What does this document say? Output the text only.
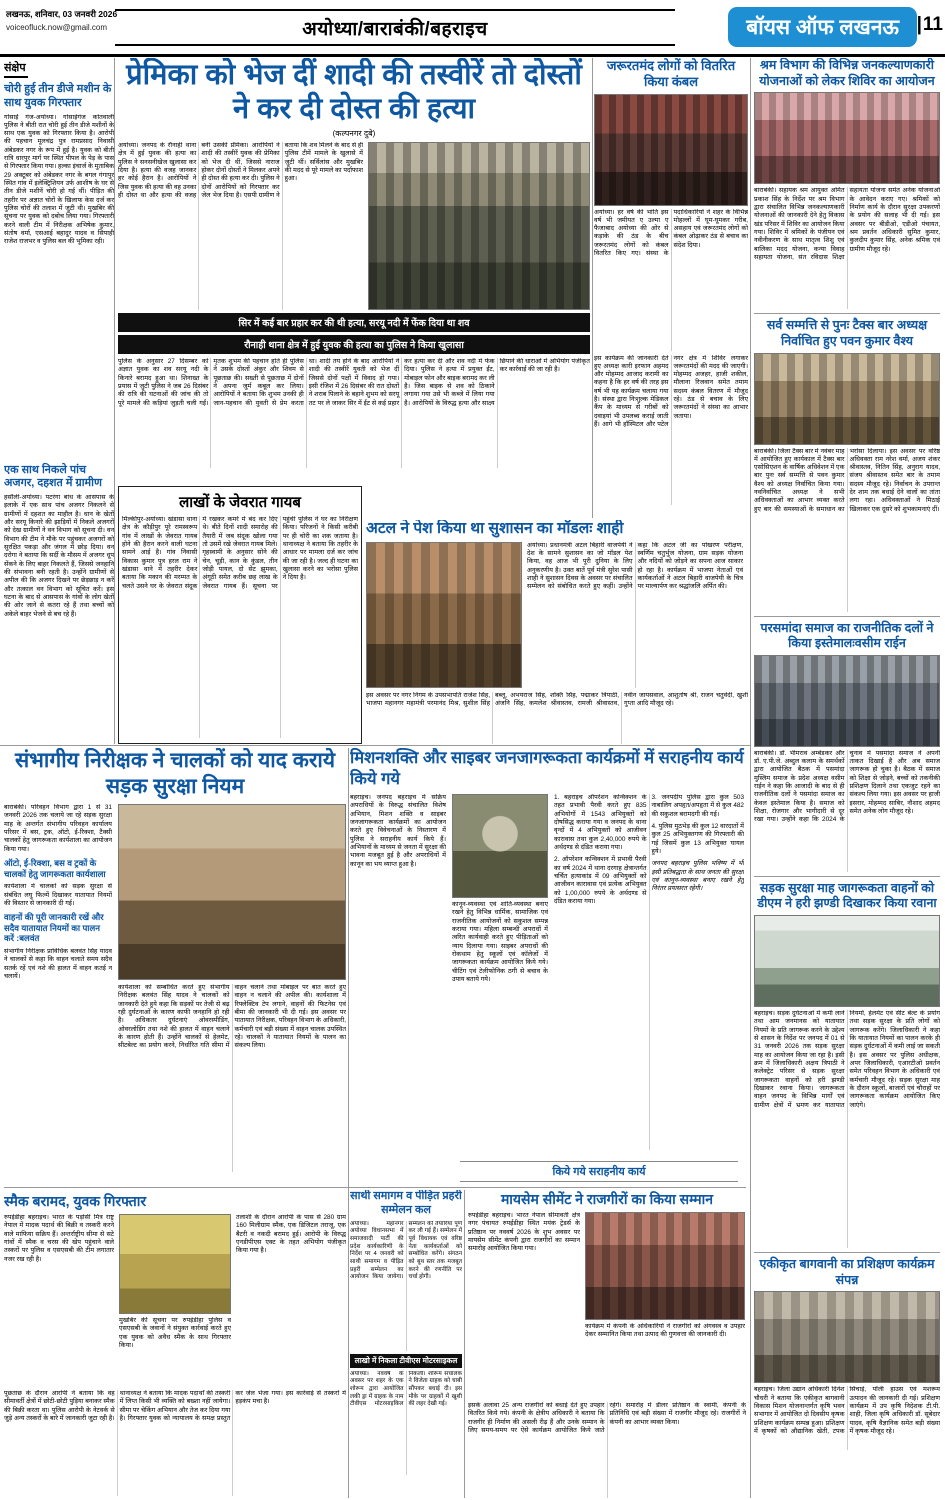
लखनऊ, शनिवार, 03 जनवरी 2026
voiceofluck.now@gmail.com	अयोध्या/बाराबंकी/बहराइच	बॉयस ऑफ लखनऊ	| 11
संक्षेप
चोरी हुई तीन डीजे मशीन के साथ युवक गिरफ्तार
गोसाईं गंज-अयोध्या। गोसाईगंज कोतवाली पुलिस ने बीती रात चोरी हुई तीन डीजे मशीनों के साथ एक युवक को गिरफ्तार किया है। आरोपी की पहचान मूलचंद्र पुत्र रामप्रसाद निवासी अंबेडकर नगर के रूप में हुई है। युवक को बीती रात्रि धारपुर मार्ग पर स्थित पीपल के पेड़ के पास से गिरफ्तार किया गया। हल्का इंचार्ज के मुताबिक 29 अक्टूबर को अंबेडकर नगर के बगल गंगापुर स्थित गांव में इलेक्ट्रिशियन उर्फ आशीष के घर से तीन डीजे मशीनें चोरी हो गई थीं। पीड़ित की तहरीर पर अज्ञात चोरों के खिलाफ केस दर्ज कर पुलिस चोरों की तलाश में जुटी थी। मुखबिर की सूचना पर युवक को दबोच लिया गया। गिरफ्तारी करने वाली टीम में निरीक्षक अभिषेक कुमार, संतोष वर्मा, एसआई बहादुर यादव व सिपाही राजेश राजभर व पुलिस बल की भूमिका रही।
एक साथ निकले पांच अजगर, दहशत में ग्रामीण
हसौली-अयोध्या। पटरंगा बांध के आसपास के इलाके में एक साथ पांच अजगर निकलने से ग्रामीणों में दहशत का माहौल है। धान के खेतों और सरयू किनारे की झाड़ियों में निकले अजगरों को देख ग्रामीणों ने वन विभाग को सूचना दी। वन विभाग की टीम ने मौके पर पहुंचकर अजगरों को सुरक्षित पकड़ा और जंगल में छोड़ दिया। वन दरोगा ने बताया कि सर्दी के मौसम में अजगर धूप सेंकने के लिए बाहर निकलते हैं, जिससे जनहानि की संभावना बनी रहती है। उन्होंने ग्रामीणों से अपील की कि अजगर दिखने पर छेड़छाड़ न करें और तत्काल वन विभाग को सूचित करें। इस घटना के बाद से आसपास के गांवों के लोग खेतों की ओर जाने से कतरा रहे हैं तथा बच्चों को अकेले बाहर भेजने से बच रहे हैं।
प्रेमिका को भेज दीं शादी की तस्वीरें तो दोस्तों ने कर दी दोस्त की हत्या
(कल्पनगर दुबे)
अयोध्या। जनपद के रौनाही थाना क्षेत्र में हुई युवक की हत्या का पुलिस ने सनसनीखेज खुलासा कर दिया है। हत्या की वजह जानकर हर कोई हैरान है। आरोपियों ने जिस युवक की हत्या की वह उनका ही दोस्त था और हत्या की वजह बनी उसकी प्रेमिका। आरोपियों ने शादी की तस्वीरें युवक की प्रेमिका को भेज दी थीं, जिससे नाराज होकर दोनों दोस्तों ने मिलकर अपने ही दोस्त की हत्या कर दी। पुलिस ने दोनों आरोपियों को गिरफ्तार कर जेल भेज दिया है। एसपी ग्रामीण ने बताया कि शव मिलने के बाद से ही पुलिस टीमें मामले के खुलासे में जुटी थीं। सर्विलांस और मुखबिर की मदद से पूरे मामले का पर्दाफाश हुआ।
सिर में कई बार प्रहार कर की थी हत्या, सरयू नदी में फेंक दिया था शव
रौनाही थाना क्षेत्र में हुई युवक की हत्या का पुलिस ने किया खुलासा
पुलिस के अनुसार 27 दिसम्बर को अज्ञात युवक का शव सरयू नदी के किनारे बरामद हुआ था। शिनाख्त के प्रयास में जुटी पुलिस ने जब 26 दिसंबर की रात्रि की घटनाओं की जांच की तो पूरे मामले की कड़ियां जुड़ती चली गईं। मृतक शुभम की पहचान होते ही पुलिस ने उसके दोस्तों अंकुर और शिवम से पूछताछ की। सख्ती से पूछताछ में दोनों ने अपना जुर्म कबूल कर लिया। आरोपियों ने बताया कि शुभम उनकी ही जान-पहचान की युवती से प्रेम करता था। शादी तय होने के बाद आरोपियों ने शादी की तस्वीरें युवती को भेज दीं जिससे दोनों पक्षों में विवाद हो गया। इसी रंजिश में 26 दिसंबर की रात दोस्तों ने शराब पिलाने के बहाने शुभम को सरयू तट पर ले जाकर सिर में ईंट से कई प्रहार कर हत्या कर दी और शव नदी में फेंक दिया। पुलिस ने हत्या में प्रयुक्त ईंट, मोबाइल फोन और बाइक बरामद कर ली है। जिस बाइक से शव को ठिकाने लगाया गया उसे भी कब्जे में लिया गया है। आरोपियों के विरुद्ध हत्या और साक्ष्य छिपाने की धाराओं में अभियोग पंजीकृत कर कार्रवाई की जा रही है।
लाखों के जेवरात गायब
मिल्कीपुर-अयोध्या। खंडासा थाना क्षेत्र के कौड़ीपुर पूरे रामस्वरूप गांव में लाखों के जेवरात गायब होने की हैरान करने वाली घटना सामने आई है। गांव निवासी विकास कुमार पुत्र हरल राम ने खंडासा थाने में तहरीर देकर बताया कि मकान की मरम्मत के चलते उसने घर के जेवरात संदूक में रखकर कमरे में बंद कर दिए थे। बीते दिनों शादी समारोह की तैयारी में जब संदूक खोला गया तो उसमें रखे जेवरात गायब मिले। गृहस्वामी के अनुसार सोने की चेन, चूड़ी, कान के कुंडल, तीन जोड़ी पायल, दो सेट झुमका, अंगूठी समेत करीब छह लाख के जेवरात गायब हैं। सूचना पर पहुंची पुलिस ने घर का निरीक्षण किया। परिजनों ने किसी करीबी पर ही चोरी का शक जताया है। थानाध्यक्ष ने बताया कि तहरीर के आधार पर मामला दर्ज कर जांच की जा रही है। जल्द ही घटना का खुलासा करने का भरोसा पुलिस ने दिया है।
अटल ने पेश किया था सुशासन का मॉडलः शाही
अयोध्या। प्रधानमंत्री अटल बिहारी वाजपेयी ने देश के सामने सुशासन का जो मॉडल पेश किया, वह आज भी पूरी दुनिया के लिए अनुकरणीय है। उक्त बातें पूर्व मंत्री सुरेश पासी शाही ने सुशासन दिवस के अवसर पर संचालित सम्मेलन को संबोधित करते हुए कहीं। उन्होंने कहा कि अटल जी का पोखरण परीक्षण, स्वर्णिम चतुर्भुज योजना, ग्राम सड़क योजना और नदियों को जोड़ने का सपना आज साकार हो रहा है। कार्यक्रम में भाजपा नेताओं एवं कार्यकर्ताओं ने अटल बिहारी वाजपेयी के चित्र पर माल्यार्पण कर श्रद्धांजलि अर्पित की।
इस अवसर पर नगर निगम के उपसभापति राजेश सिंह, भाजपा महानगर महामंत्री परमानंद मिश्र, सुशील सिंह बब्लू, अभयराज सिंह, शक्ति सिंह, पद्माकर त्रिपाठी, अंजनि सिंह, कमलेश श्रीवास्तव, रामजी श्रीवास्तव, नवीन जायसवाल, आशुतोष श्री, राजन चतुर्वेदी, खुशी गुप्ता आदि मौजूद रहे।
जरूरतमंद लोगों को वितरित किया कंबल
अयोध्या। हर वर्ष की भांति इस वर्ष भी जमीयत ए उल्मा ए फैजाबाद अयोध्या की ओर से कड़ाके की ठंड के बीच जरूरतमंद लोगों को कंबल वितरित किए गए। संस्था के पदाधिकारियों ने शहर के विभिन्न मोहल्लों में घूम-घूमकर गरीब, असहाय एवं जरूरतमंद लोगों को कंबल ओढ़ाकर ठंड से बचाव का संदेश दिया।
इस कार्यक्रम की जानकारी देते हुए अध्यक्ष कारी इरफान अहमद और मोहम्मद आजाद करामी का कहना है कि हर वर्ष की तरह इस वर्ष भी यह कार्यक्रम चलाया गया है। संस्था द्वारा निःशुल्क मेडिकल कैंप के माध्यम से गरीबों को दवाइयां भी उपलब्ध कराई जाती हैं। आगे भी हॉस्पिटल और पटेल नगर क्षेत्र में शिविर लगाकर जरूरतमंदों की मदद की जाएगी। मोहम्मद अजहर, हाजी शकील, मौलाना रिजवान समेत तमाम सदस्य कंबल वितरण में मौजूद रहे। ठंड से बचाव के लिए जरूरतमंदों ने संस्था का आभार जताया।
श्रम विभाग की विभिन्न जनकल्याणकारी योजनाओं को लेकर शिविर का आयोजन
बाराबंकी। सहायक श्रम आयुक्त अमित प्रकाश सिंह के निर्देश पर श्रम विभाग द्वारा संचालित विभिन्न जनकल्याणकारी योजनाओं की जानकारी देने हेतु विकास खंड परिसर में शिविर का आयोजन किया गया। शिविर में श्रमिकों के पंजीयन एवं नवीनीकरण के साथ मातृत्व शिशु एवं बालिका मदद योजना, कन्या विवाह सहायता योजना, संत रविदास शिक्षा सहायता योजना समेत अनेक योजनाओं के आवेदन कराए गए। श्रमिकों को निर्माण कार्य के दौरान सुरक्षा उपकरणों के प्रयोग की सलाह भी दी गई। इस अवसर पर बीडीओ, एडीओ पंचायत, श्रम प्रवर्तन अधिकारी सुमित कुमार, कुलदीप कुमार सिंह, अनेक श्रमिक एवं ग्रामीण मौजूद रहे।
सर्व सम्मत्ति से पुनः टैक्स बार अध्यक्ष निर्वाचित हुए पवन कुमार वैश्य
बाराबंकी। जिला टैक्स बार में नवंबर माह में आयोजित हुए कार्यकाल में टैक्स बार एसोसिएशन के वार्षिक अधिवेशन में एक बार पुनः सर्व सम्मत्ति से पवन कुमार वैश्य को अध्यक्ष निर्वाचित किया गया। नवनिर्वाचित अध्यक्ष ने सभी अधिवक्ताओं का आभार व्यक्त करते हुए बार की समस्याओं के समाधान का भरोसा दिलाया। इस अवसर पर वरिष्ठ अधिवक्ता राम नरेश वर्मा, अजय शंकर श्रीवास्तव, नितिन सिंह, अनुराग यादव, संजय श्रीवास्तव समेत बार के तमाम सदस्य मौजूद रहे। निर्वाचन के उपरान्त देर शाम तक बधाई देने वालों का तांता लगा रहा। अधिवक्ताओं ने मिठाई खिलाकर एक दूसरे को शुभकामनाएं दीं।
परसमांदा समाज का राजनीतिक दलों ने किया इस्तेमालःवसीम राईन
बाराबंकी। डॉ. भीमराव अम्बेडकर और डॉ. ए.पी.जे. अब्दुल कलाम के समर्थकों द्वारा आयोजित बैठक में पसमांदा मुस्लिम समाज के प्रदेश अध्यक्ष वसीम राईन ने कहा कि आजादी के बाद से ही राजनीतिक दलों ने पसमांदा समाज का केवल इस्तेमाल किया है। समाज को शिक्षा, रोजगार और भागीदारी से दूर रखा गया। उन्होंने कहा कि 2024 के चुनाव में पसमांदा समाज ने अपनी ताकत दिखाई है और अब समाज जागरूक हो चुका है। बैठक में समाज को शिक्षा से जोड़ने, बच्चों को तकनीकी प्रशिक्षण दिलाने तथा एकजुट रहने का संकल्प लिया गया। इस अवसर पर हाजी इसरार, मोहम्मद साबिर, नौशाद अहमद समेत अनेक लोग मौजूद रहे।
सड़क सुरक्षा माह जागरूकता वाहनों को डीएम ने हरी झण्डी दिखाकर किया रवाना
बहराइच। सड़क दुर्घटनाओं में कमी लाने तथा आम जनमानस को यातायात नियमों के प्रति जागरूक करने के उद्देश्य से शासन के निर्देश पर जनपद में 01 से 31 जनवरी 2026 तक सड़क सुरक्षा माह का आयोजन किया जा रहा है। इसी क्रम में जिलाधिकारी अक्षय त्रिपाठी ने कलेक्ट्रेट परिसर से सड़क सुरक्षा जागरूकता वाहनों को हरी झण्डी दिखाकर रवाना किया। जागरूकता वाहन जनपद के विभिन्न मार्गों एवं ग्रामीण क्षेत्रों में भ्रमण कर यातायात नियमों, हेलमेट एवं सीट बेल्ट के प्रयोग तथा सड़क सुरक्षा के प्रति लोगों को जागरूक करेंगे। जिलाधिकारी ने कहा कि यातायात नियमों का पालन करके ही सड़क दुर्घटनाओं में कमी लाई जा सकती है। इस अवसर पर पुलिस अधीक्षक, अपर जिलाधिकारी, एआरटीओ प्रवर्तन समेत परिवहन विभाग के अधिकारी एवं कर्मचारी मौजूद रहे। सड़क सुरक्षा माह के दौरान स्कूलों, बाजारों एवं चौराहों पर जागरूकता कार्यक्रम आयोजित किए जाएंगे।
एकीकृत बागवानी का प्रशिक्षण कार्यक्रम संपन्न
बहराइच। जिला उद्यान अधिकारी दिनेश चौधरी ने बताया कि एकीकृत बागवानी विकास मिशन योजनान्तर्गत कृषि भवन सभागार में आयोजित दो दिवसीय कृषक प्रशिक्षण कार्यक्रम सम्पन्न हुआ। प्रशिक्षण में कृषकों को औद्यानिक खेती, टपक सिंचाई, पॉली हाउस एवं मशरूम उत्पादन की जानकारी दी गई। प्रशिक्षण कार्यक्रम में उप कृषि निदेशक टी.पी. शाही, जिला कृषि अधिकारी डॉ. सूबेदार यादव, कृषि वैज्ञानिक समेत बड़ी संख्या में कृषक मौजूद रहे।
संभागीय निरीक्षक ने चालकों को याद कराये सड़क सुरक्षा नियम
बाराबंकी। परिवहन विभाग द्वारा 1 से 31 जनवरी 2026 तक चलाये जा रहे सड़क सुरक्षा माह के अन्तर्गत संभागीय परिवहन कार्यालय परिसर में बस, ट्रक, ऑटो, ई-रिक्शा, टैक्सी चालकों हेतु जागरूकता कार्यशाला का आयोजन किया गया।
ऑटो, ई-रिक्शा, बस व ट्रकों के चालकों हेतु जागरूकता कार्यशाला
कार्यशाला में चालकों को सड़क सुरक्षा से संबंधित लघु फिल्में दिखाकर यातायात नियमों की विस्तार से जानकारी दी गई।
वाहनों की पूरी जानकारी रखें और सदैव यातायात नियमों का पालन करें :बलवंत
संभागीय निरीक्षक प्राविधिक बलवंत सिंह यादव ने चालकों से कहा कि वाहन चलाते समय सदैव सतर्क रहें एवं नशे की हालत में वाहन कतई न चलायें।
कार्यशाला को सम्बोधित करते हुए संभागीय निरीक्षक बलवंत सिंह यादव ने चालकों को जानकारी देते हुये कहा कि सड़कों पर तेजी से बढ़ रही दुर्घटनाओं के कारण काफी जनहानि हो रही है। अधिकतर दुर्घटनाएं ओवरस्पीडिंग, ओवरलोडिंग तथा नशे की हालत में वाहन चलाने के कारण होती हैं। उन्होंने चालकों से हेलमेट, सीटबेल्ट का प्रयोग करने, निर्धारित गति सीमा में वाहन चलाने तथा मोबाइल पर बात करते हुए वाहन न चलाने की अपील की। कार्यशाला में रिफ्लेक्टिव टेप लगाने, वाहनों की फिटनेस एवं बीमा की जानकारी भी दी गई। इस अवसर पर यातायात निरीक्षक, परिवहन विभाग के अधिकारी, कर्मचारी एवं बड़ी संख्या में वाहन चालक उपस्थित रहे। चालकों ने यातायात नियमों के पालन का संकल्प लिया।
स्मैक बरामद, युवक गिरफ्तार
रुपईडीहा बहराइच। भारत के पड़ोसी मित्र राष्ट्र नेपाल में मादक पदार्थ की बिक्री व तस्करी करने वाले माफिया सक्रिय हैं। अन्तर्राष्ट्रीय सीमा से सटे गांवों में स्मैक व चरस की खेप पहुंचाने वाले तस्करों पर पुलिस व एसएसबी की टीम लगातार नजर रख रही है।
मुखबिर की सूचना पर रुपईडीहा पुलिस व एसएसबी के जवानों ने संयुक्त कार्रवाई करते हुए एक युवक को अवैध स्मैक के साथ गिरफ्तार किया।
तलाशी के दौरान आरोपी के पास से 280 ग्राम 160 मिलीग्राम स्मैक, एक डिजिटल तराजू, एक बैटरी व नकदी बरामद हुई। आरोपी के विरुद्ध एनडीपीएस एक्ट के तहत अभियोग पंजीकृत किया गया है।
पूछताछ के दौरान आरोपी ने बताया कि वह सीमावर्ती क्षेत्रों में छोटी-छोटी पुड़िया बनाकर स्मैक की बिक्री करता था। पुलिस आरोपी के नेटवर्क से जुड़े अन्य तस्करों के बारे में जानकारी जुटा रही है। थानाध्यक्ष ने बताया कि मादक पदार्थों की तस्करी में लिप्त किसी भी व्यक्ति को बख्शा नहीं जायेगा। सीमा पर चेकिंग अभियान और तेज कर दिया गया है। गिरफ्तार युवक को न्यायालय के समक्ष प्रस्तुत कर जेल भेजा गया। इस कार्रवाई से तस्करों में हड़कंप मचा है।
मिशनशक्ति और साइबर जनजागरूकता कार्यक्रमों में सराहनीय कार्य किये गये
बहराइच। जनपद बहराइच में सक्रिय अपराधियों के विरुद्ध संचालित विशेष अभियान, मिशन शक्ति व साइबर जनजागरूकता कार्यक्रमों का आयोजन करते हुए विवेचनाओं के निस्तारण में पुलिस ने सराहनीय कार्य किये हैं। अभियानों के माध्यम से जनता में सुरक्षा की भावना मजबूत हुई है और अपराधियों में कानून का भय व्याप्त हुआ है।
कानून-व्यवस्था एवं शांति-व्यवस्था बनाए रखने हेतु विभिन्न धार्मिक, सामाजिक एवं राजनीतिक आयोजनों को सकुशल सम्पन्न कराया गया। महिला सम्बन्धी अपराधों में त्वरित कार्यवाही करते हुए पीड़िताओं को न्याय दिलाया गया। साइबर अपराधों की रोकथाम हेतु स्कूलों एवं कॉलेजों में जागरूकता कार्यक्रम आयोजित किये गये। चीटिंग एवं टेलीफोनिक ठगी से बचाव के उपाय बताये गये।

1. बहराइच ऑपरेशन कन्विक्शन के तहत प्रभावी पैरवी करते हुए 835 अभियोगों में 1543 अभियुक्तों को दोषसिद्ध कराया गया व जनपद के थाना वृन्दों में 4 अभियुक्तों को आजीवन कारावास तथा कुल 2,40,000 रुपये के अर्थदण्ड से दंडित कराया गया।

2. ऑपरेशन कन्विक्शन में प्रभावी पैरवी का वर्ष 2024 में थाना दरगाह क्षेत्रान्तर्गत चर्चित हत्याकांड में 09 अभियुक्तों को आजीवन कारावास एवं प्रत्येक अभियुक्त को 1,00,000 रुपये के अर्थदण्ड से दंडित कराया गया।

3. जनपदीय पुलिस द्वारा कुल 503 नाबालिग अपहृत/अपहृता में से कुल 482 की सकुशल बरामदगी की गई।

4. पुलिस मुठभेड़ की कुल 12 वारदातों में कुल 25 अभियुक्तगण की गिरफ्तारी की गई जिसमें कुल 13 अभियुक्त घायल हुये।

जनपद बहराइच पुलिस भविष्य में भी इसी प्रतिबद्धता के साथ जनता की सुरक्षा एवं कानून-व्यवस्था बनाए रखने हेतु निरंतर प्रयासरत रहेगी।

किये गये सराहनीय कार्य
साथी समागम व पीड़ित प्रहरी सम्मेलन कल
अयोध्या। महानगर अयोध्या विधानसभा में समाजवादी पार्टी की प्रदेश कार्यकारिणी के निर्देश पर 4 जनवरी को साथी समागम व पीड़ित प्रहरी सम्मेलन का आयोजन किया जायेगा। सम्मेलन की तैयारियां पूर्ण कर ली गई हैं। सम्मेलन में पूर्व विधायक एवं वरिष्ठ नेता कार्यकर्ताओं को सम्बोधित करेंगे। संगठन को बूथ स्तर तक मजबूत करने की रणनीति पर चर्चा होगी।
लाखो में निकला टीवीएस मोटरसाइकल
अयोध्या। नववर्ष के अवसर पर शहर के एक शोरूम द्वारा आयोजित लकी ड्रा में ग्राहक के नाम टीवीएस मोटरसाइकिल निकली। शोरूम संचालक ने विजेता ग्राहक को चाबी सौंपकर बधाई दी। इस मौके पर ग्राहकों में खुशी की लहर देखी गई।
मायसेम सीमेंट ने राजगीरों का किया सम्मान
रुपईडीहा बहराइच। भारत नेपाल सीमावर्ती क्षेत्र नगर पंचायत रुपईडीहा स्थित मयंक ट्रेडर्स के प्रतिष्ठान पर नववर्ष 2026 के शुभ अवसर पर मायसेम सीमेंट कंपनी द्वारा राजगीरों का सम्मान समारोह आयोजित किया गया।
कार्यक्रम में कंपनी के अधिकारियों ने राजगीरों को अंगवस्त्र व उपहार देकर सम्मानित किया तथा उत्पाद की गुणवत्ता की जानकारी दी।
इसके अलावा 25 अन्य राजगीरों को बधाई देते हुए उपहार वितरित किये गये। कंपनी के क्षेत्रीय अधिकारी ने बताया कि राजगीर ही निर्माण की असली रीढ़ हैं और उनके सम्मान के लिए समय-समय पर ऐसे कार्यक्रम आयोजित किये जाते रहेंगे। समारोह में डीलर प्रतिष्ठान के स्वामी, कंपनी के प्रतिनिधि एवं बड़ी संख्या में राजगीर मौजूद रहे। राजगीरों ने कंपनी का आभार व्यक्त किया।
